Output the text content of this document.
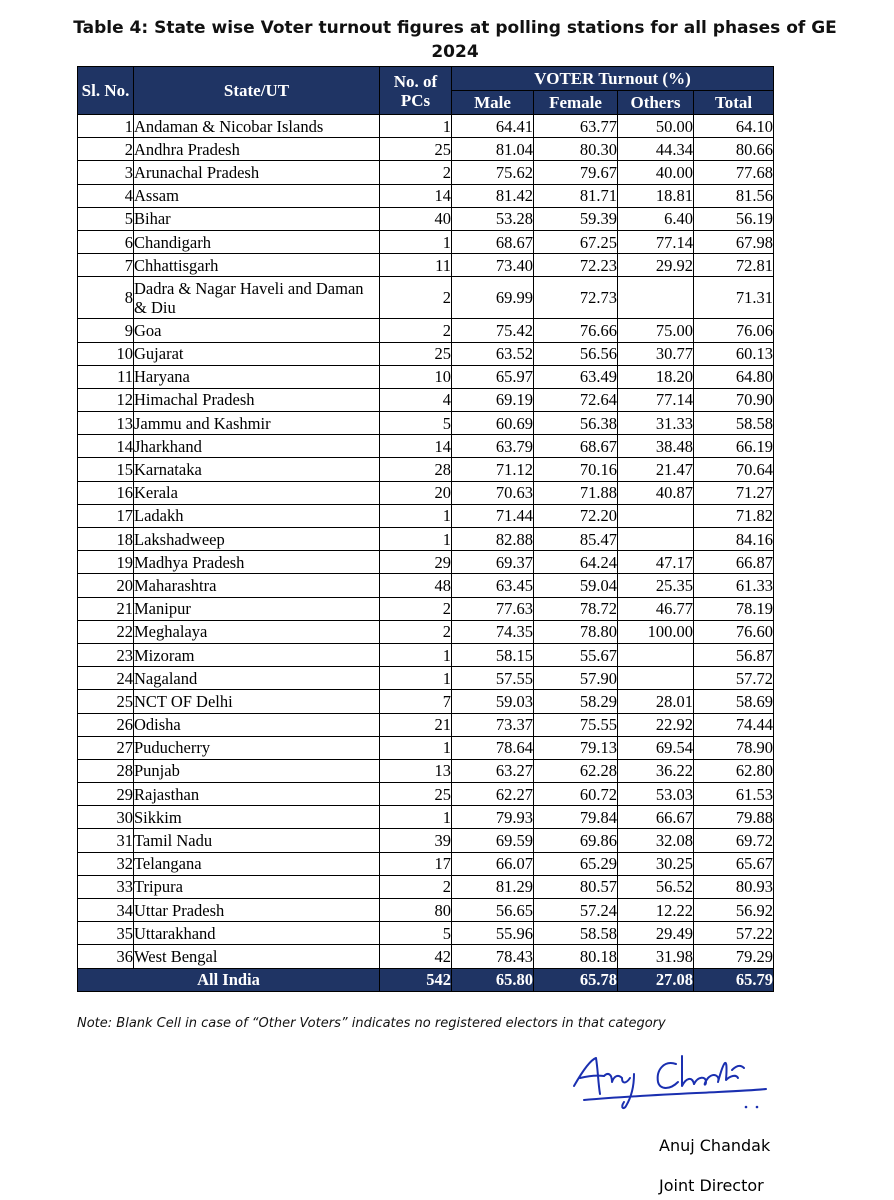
Table 4: State wise Voter turnout figures at polling stations for all phases of GE
2024
Sl. No.	State/UT	No. of PCs	VOTER Turnout (%)			
			Male	Female	Others	Total
1	Andaman & Nicobar Islands	1	64.41	63.77	50.00	64.10
2	Andhra Pradesh	25	81.04	80.30	44.34	80.66
3	Arunachal Pradesh	2	75.62	79.67	40.00	77.68
4	Assam	14	81.42	81.71	18.81	81.56
5	Bihar	40	53.28	59.39	6.40	56.19
6	Chandigarh	1	68.67	67.25	77.14	67.98
7	Chhattisgarh	11	73.40	72.23	29.92	72.81
8	Dadra & Nagar Haveli and Daman & Diu	2	69.99	72.73		71.31
9	Goa	2	75.42	76.66	75.00	76.06
10	Gujarat	25	63.52	56.56	30.77	60.13
11	Haryana	10	65.97	63.49	18.20	64.80
12	Himachal Pradesh	4	69.19	72.64	77.14	70.90
13	Jammu and Kashmir	5	60.69	56.38	31.33	58.58
14	Jharkhand	14	63.79	68.67	38.48	66.19
15	Karnataka	28	71.12	70.16	21.47	70.64
16	Kerala	20	70.63	71.88	40.87	71.27
17	Ladakh	1	71.44	72.20		71.82
18	Lakshadweep	1	82.88	85.47		84.16
19	Madhya Pradesh	29	69.37	64.24	47.17	66.87
20	Maharashtra	48	63.45	59.04	25.35	61.33
21	Manipur	2	77.63	78.72	46.77	78.19
22	Meghalaya	2	74.35	78.80	100.00	76.60
23	Mizoram	1	58.15	55.67		56.87
24	Nagaland	1	57.55	57.90		57.72
25	NCT OF Delhi	7	59.03	58.29	28.01	58.69
26	Odisha	21	73.37	75.55	22.92	74.44
27	Puducherry	1	78.64	79.13	69.54	78.90
28	Punjab	13	63.27	62.28	36.22	62.80
29	Rajasthan	25	62.27	60.72	53.03	61.53
30	Sikkim	1	79.93	79.84	66.67	79.88
31	Tamil Nadu	39	69.59	69.86	32.08	69.72
32	Telangana	17	66.07	65.29	30.25	65.67
33	Tripura	2	81.29	80.57	56.52	80.93
34	Uttar Pradesh	80	56.65	57.24	12.22	56.92
35	Uttarakhand	5	55.96	58.58	29.49	57.22
36	West Bengal	42	78.43	80.18	31.98	79.29
All India		542	65.80	65.78	27.08	65.79
Note: Blank Cell in case of “Other Voters” indicates no registered electors in that category
Anuj Chandak
Joint Director
